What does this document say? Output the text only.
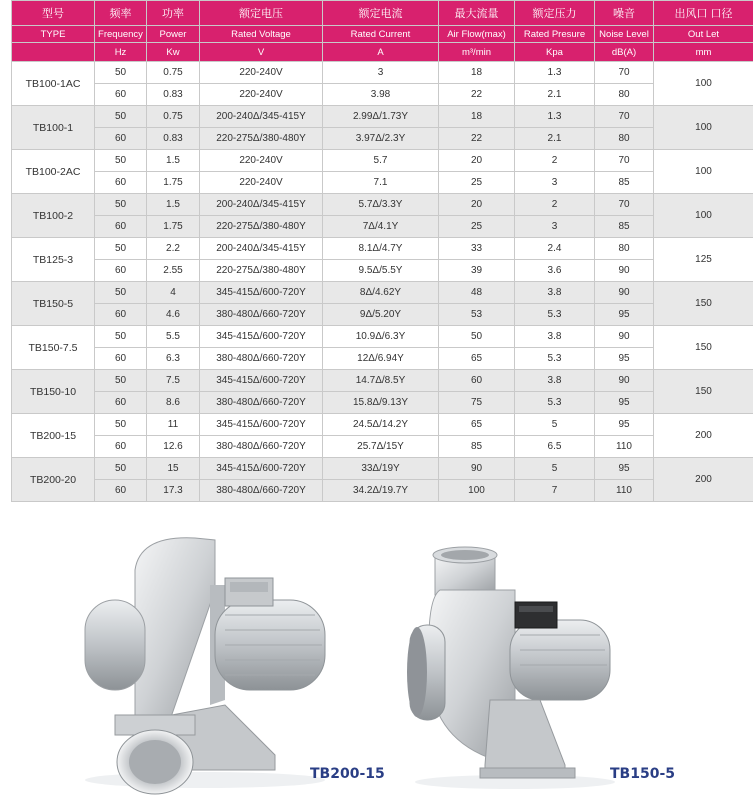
型号	频率	功率	额定电压	额定电流	最大流量	额定压力	噪音	出风口 口径
TYPE	Frequency	Power	Rated Voltage	Rated Current	Air Flow(max)	Rated Presure	Noise Level	Out Let
	Hz	Kw	V	A	m³/min	Kpa	dB(A)	mm
TB100-1AC	50	0.75	220-240V	3	18	1.3	70	100
	60	0.83	220-240V	3.98	22	2.1	80	
TB100-1	50	0.75	200-240Δ/345-415Y	2.99Δ/1.73Y	18	1.3	70	100
	60	0.83	220-275Δ/380-480Y	3.97Δ/2.3Y	22	2.1	80	
TB100-2AC	50	1.5	220-240V	5.7	20	2	70	100
	60	1.75	220-240V	7.1	25	3	85	
TB100-2	50	1.5	200-240Δ/345-415Y	5.7Δ/3.3Y	20	2	70	100
	60	1.75	220-275Δ/380-480Y	7Δ/4.1Y	25	3	85	
TB125-3	50	2.2	200-240Δ/345-415Y	8.1Δ/4.7Y	33	2.4	80	125
	60	2.55	220-275Δ/380-480Y	9.5Δ/5.5Y	39	3.6	90	
TB150-5	50	4	345-415Δ/600-720Y	8Δ/4.62Y	48	3.8	90	150
	60	4.6	380-480Δ/660-720Y	9Δ/5.20Y	53	5.3	95	
TB150-7.5	50	5.5	345-415Δ/600-720Y	10.9Δ/6.3Y	50	3.8	90	150
	60	6.3	380-480Δ/660-720Y	12Δ/6.94Y	65	5.3	95	
TB150-10	50	7.5	345-415Δ/600-720Y	14.7Δ/8.5Y	60	3.8	90	150
	60	8.6	380-480Δ/660-720Y	15.8Δ/9.13Y	75	5.3	95	
TB200-15	50	11	345-415Δ/600-720Y	24.5Δ/14.2Y	65	5	95	200
	60	12.6	380-480Δ/660-720Y	25.7Δ/15Y	85	6.5	110	
TB200-20	50	15	345-415Δ/600-720Y	33Δ/19Y	90	5	95	200
	60	17.3	380-480Δ/660-720Y	34.2Δ/19.7Y	100	7	110	
TB200-15	TB150-5
